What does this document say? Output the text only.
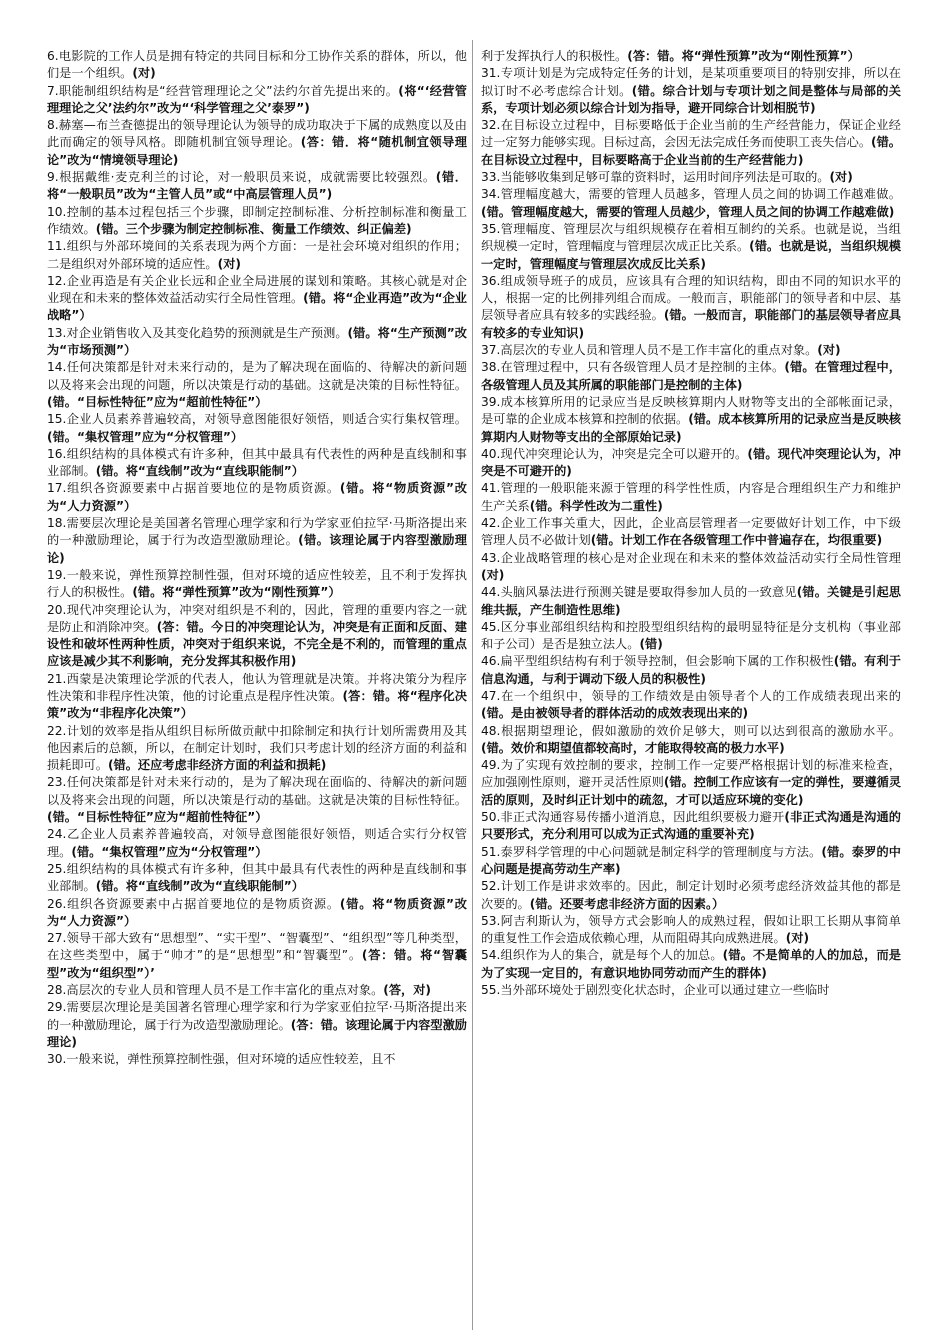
6.电影院的工作人员是拥有特定的共同目标和分工协作关系的群体，所以，他们是一个组织。(对)

7.职能制组织结构是“经营管理理论之父”法约尔首先提出来的。(将“‘经营管理理论之父’法约尔”改为“‘科学管理之父’泰罗”)

8.赫塞—布兰查德提出的领导理论认为领导的成功取决于下属的成熟度以及由此而确定的领导风格。即随机制宜领导理论。(答：错．将“随机制宜领导理论”改为“情境领导理论)

9.根据戴维·麦克利兰的讨论，对一般职员来说，成就需要比较强烈。(错．将“一般职员”改为“主管人员”或“中高层管理人员”)

10.控制的基本过程包括三个步骤，即制定控制标准、分析控制标准和衡量工作绩效。(错。三个步骤为制定控制标准、衡量工作绩效、纠正偏差)

11.组织与外部环境间的关系表现为两个方面：一是社会环境对组织的作用；二是组织对外部环境的适应性。(对)

12.企业再造是有关企业长远和企业全局进展的谋划和策略。其核心就是对企业现在和未来的整体效益活动实行全局性管理。(错。将“企业再造”改为“企业战略”）

13.对企业销售收入及其变化趋势的预测就是生产预测。(错。将“生产预测”改为“市场预测”）

14.任何决策都是针对未来行动的，是为了解决现在面临的、待解决的新问题以及将来会出现的问题，所以决策是行动的基础。这就是决策的目标性特征。(错。“目标性特征”应为“超前性特征”）

15.企业人员素养普遍较高，对领导意图能很好领悟，则适合实行集权管理。(错。“集权管理”应为“分权管理”）

16.组织结构的具体模式有许多种，但其中最具有代表性的两种是直线制和事业部制。(错。将“直线制”改为“直线职能制”）

17.组织各资源要素中占据首要地位的是物质资源。(错。将“物质资源”改为“人力资源”）

18.需要层次理论是美国著名管理心理学家和行为学家亚伯拉罕·马斯洛提出来的一种激励理论，属于行为改造型激励理论。(错。该理论属于内容型激励理论)

19.一般来说，弹性预算控制性强，但对环境的适应性较差，且不利于发挥执行人的积极性。(错。将“弹性预算”改为“刚性预算”）

20.现代冲突理论认为，冲突对组织是不利的，因此，管理的重要内容之一就是防止和消除冲突。(答：错。今日的冲突理论认为，冲突是有正面和反面、建设性和破坏性两种性质，冲突对于组织来说，不完全是不利的，而管理的重点应该是减少其不利影响，充分发挥其积极作用)

21.西蒙是决策理论学派的代表人，他认为管理就是决策。并将决策分为程序性决策和非程序性决策，他的讨论重点是程序性决策。(答：错。将“程序化决策”改为“非程序化决策”）

22.计划的效率是指从组织目标所做贡献中扣除制定和执行计划所需费用及其他因素后的总额，所以，在制定计划时，我们只考虑计划的经济方面的利益和损耗即可。(错。还应考虑非经济方面的利益和损耗)

23.任何决策都是针对未来行动的，是为了解决现在面临的、待解决的新问题以及将来会出现的问题，所以决策是行动的基础。这就是决策的目标性特征。(错。“目标性特征”应为“超前性特征”）

24.乙企业人员素养普遍较高，对领导意图能很好领悟，则适合实行分权管理。(错。“集权管理”应为“分权管理”）

25.组织结构的具体模式有许多种，但其中最具有代表性的两种是直线制和事业部制。(错。将“直线制”改为“直线职能制”）

26.组织各资源要素中占据首要地位的是物质资源。(错。将“物质资源”改为“人力资源”）

27.领导干部大致有“思想型”、“实干型”、“智囊型”、“组织型”等几种类型，在这些类型中，属于“帅才”的是“思想型”和“智囊型”。(答：错。将“智囊型”改为“组织型”）’

28.高层次的专业人员和管理人员不是工作丰富化的重点对象。(答，对)

29.需要层次理论是美国著名管理心理学家和行为学家亚伯拉罕·马斯洛提出来的一种激励理论，属于行为改造型激励理论。(答：错。该理论属于内容型激励理论)

30.一般来说，弹性预算控制性强，但对环境的适应性较差，且不

利于发挥执行人的积极性。(答：错。将“弹性预算”改为“刚性预算”）

31.专项计划是为完成特定任务的计划，是某项重要项目的特别安排，所以在拟订时不必考虑综合计划。(错。综合计划与专项计划之间是整体与局部的关系，专项计划必须以综合计划为指导，避开同综合计划相脱节)

32.在目标设立过程中，目标要略低于企业当前的生产经营能力，保证企业经过一定努力能够实现。目标过高，会因无法完成任务而使职工丧失信心。(错。在目标设立过程中，目标要略高于企业当前的生产经营能力)

33.当能够收集到足够可靠的资料时，运用时间序列法是可取的。(对)

34.管理幅度越大，需要的管理人员越多，管理人员之间的协调工作越难做。(错。管理幅度越大，需要的管理人员越少，管理人员之间的协调工作越难做)

35.管理幅度、管理层次与组织规模存在着相互制约的关系。也就是说，当组织规模一定时，管理幅度与管理层次成正比关系。(错。也就是说，当组织规模一定时，管理幅度与管理层次成反比关系)

36.组成领导班子的成员，应该具有合理的知识结构，即由不同的知识水平的人，根据一定的比例排列组合而成。一般而言，职能部门的领导者和中层、基层领导者应具有较多的实践经验。(错。一般而言，职能部门的基层领导者应具有较多的专业知识)

37.高层次的专业人员和管理人员不是工作丰富化的重点对象。(对)

38.在管理过程中，只有各级管理人员才是控制的主体。(错。在管理过程中，各级管理人员及其所属的职能部门是控制的主体)

39.成本核算所用的记录应当是反映核算期内人财物等支出的全部帐面记录，是可靠的企业成本核算和控制的依据。(错。成本核算所用的记录应当是反映核算期内人财物等支出的全部原始记录)

40.现代冲突理论认为，冲突是完全可以避开的。(错。现代冲突理论认为，冲突是不可避开的)

41.管理的一般职能来源于管理的科学性性质，内容是合理组织生产力和维护生产关系(错。科学性改为二重性)

42.企业工作事关重大，因此，企业高层管理者一定要做好计划工作，中下级管理人员不必做计划(错。计划工作在各级管理工作中普遍存在，均很重要)

43.企业战略管理的核心是对企业现在和未来的整体效益活动实行全局性管理(对)

44.头脑风暴法进行预测关键是要取得参加人员的一致意见(错。关键是引起思维共振，产生制造性思维)

45.区分事业部组织结构和控股型组织结构的最明显特征是分支机构（事业部和子公司）是否是独立法人。(错)

46.扁平型组织结构有利于领导控制，但会影响下属的工作积极性(错。有利于信息沟通，与利于调动下级人员的积极性)

47.在一个组织中，领导的工作绩效是由领导者个人的工作成绩表现出来的(错。是由被领导者的群体活动的成效表现出来的)

48.根据期望理论，假如激励的效价足够大，则可以达到很高的激励水平。(错。效价和期望值都较高时，才能取得较高的极力水平)

49.为了实现有效控制的要求，控制工作一定要严格根据计划的标准来检查，应加强刚性原则，避开灵活性原则(错。控制工作应该有一定的弹性，要遵循灵活的原则，及时纠正计划中的疏忽，才可以适应环境的变化)

50.非正式沟通容易传播小道消息，因此组织要极力避开(非正式沟通是沟通的只要形式，充分利用可以成为正式沟通的重要补充)

51.泰罗科学管理的中心问题就是制定科学的管理制度与方法。(错。泰罗的中心问题是提高劳动生产率)

52.计划工作是讲求效率的。因此，制定计划时必须考虑经济效益其他的都是次要的。(错。还要考虑非经济方面的因素。）

53.阿吉利斯认为，领导方式会影响人的成熟过程，假如让职工长期从事简单的重复性工作会造成依赖心理，从而阻碍其向成熟进展。(对)

54.组织作为人的集合，就是每个人的加总。(错。不是简单的人的加总，而是为了实现一定目的，有意识地协同劳动而产生的群体)

55.当外部环境处于剧烈变化状态时，企业可以通过建立一些临时
